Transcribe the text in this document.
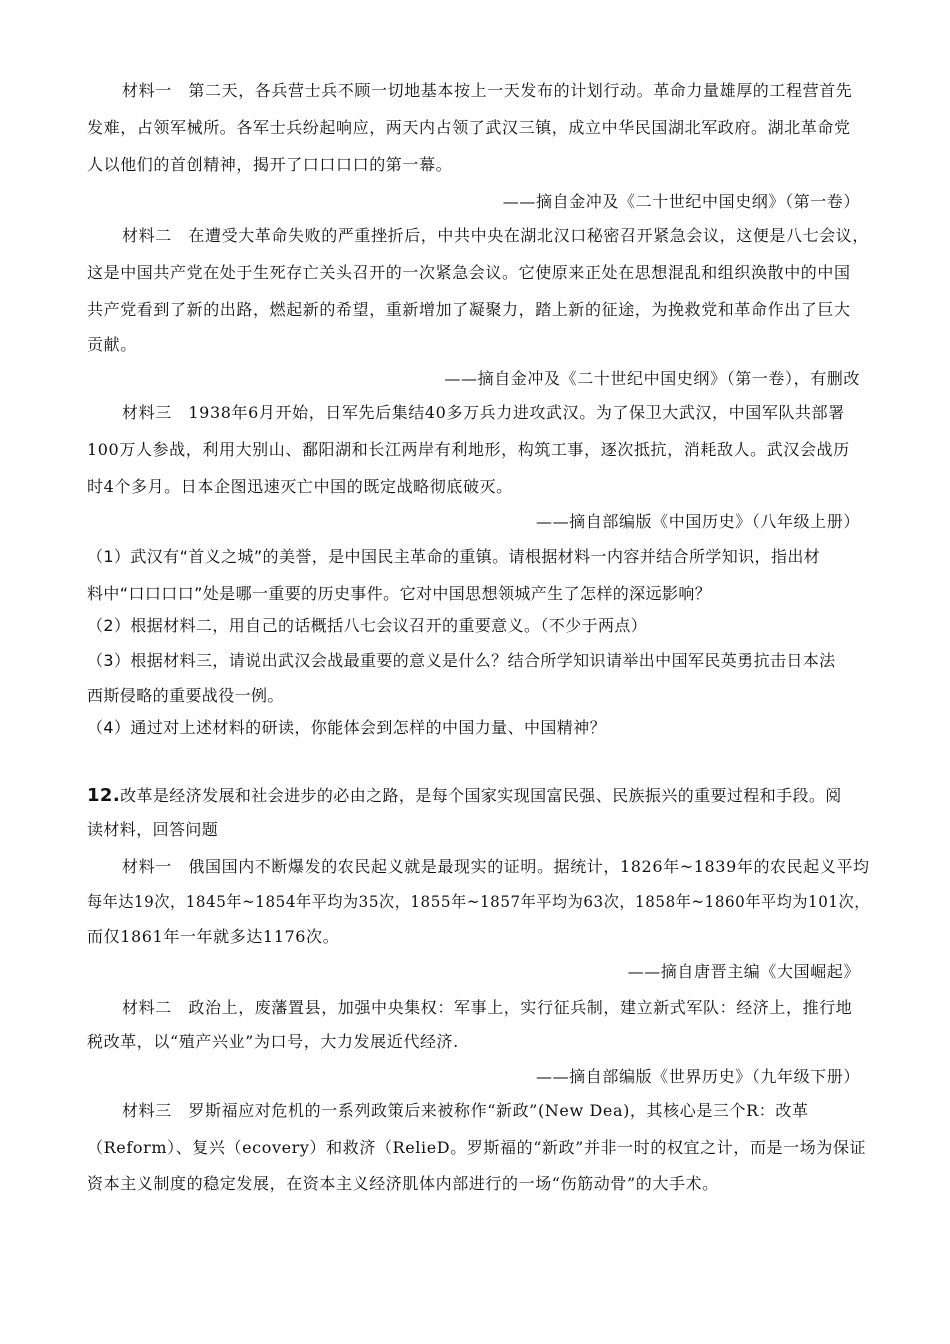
材料一　第二天，各兵营士兵不顾一切地基本按上一天发布的计划行动。革命力量雄厚的工程营首先
发难，占领军械所。各军士兵纷起响应，两天内占领了武汉三镇，成立中华民国湖北军政府。湖北革命党
人以他们的首创精神，揭开了口口口口的第一幕。
——摘自金冲及《二十世纪中国史纲》（第一卷）
材料二　在遭受大革命失败的严重挫折后，中共中央在湖北汉口秘密召开紧急会议，这便是八七会议，
这是中国共产党在处于生死存亡关头召开的一次紧急会议。它使原来正处在思想混乱和组织涣散中的中国
共产党看到了新的出路，燃起新的希望，重新增加了凝聚力，踏上新的征途，为挽救党和革命作出了巨大
贡献。
——摘自金冲及《二十世纪中国史纲》（第一卷），有删改
材料三　1938年6月开始，日军先后集结40多万兵力进攻武汉。为了保卫大武汉，中国军队共部署
100万人参战，利用大别山、鄱阳湖和长江两岸有利地形，构筑工事，逐次抵抗，消耗敌人。武汉会战历
时4个多月。日本企图迅速灭亡中国的既定战略彻底破灭。
——摘自部编版《中国历史》（八年级上册）
（1）武汉有“首义之城”的美誉，是中国民主革命的重镇。请根据材料一内容并结合所学知识，指出材
料中“口口口口”处是哪一重要的历史事件。它对中国思想领城产生了怎样的深远影响？
（2）根据材料二，用自己的话概括八七会议召开的重要意义。（不少于两点）
（3）根据材料三，请说出武汉会战最重要的意义是什么？结合所学知识请举出中国军民英勇抗击日本法
西斯侵略的重要战役一例。
（4）通过对上述材料的研读，你能体会到怎样的中国力量、中国精神？
12.改革是经济发展和社会进步的必由之路，是每个国家实现国富民强、民族振兴的重要过程和手段。阅
读材料，回答问题
材料一　俄国国内不断爆发的农民起义就是最现实的证明。据统计，1826年~1839年的农民起义平均
每年达19次，1845年~1854年平均为35次，1855年~1857年平均为63次，1858年~1860年平均为101次，
而仅1861年一年就多达1176次。
——摘自唐晋主编《大国崛起》
材料二　政治上，废藩置县，加强中央集权：军事上，实行征兵制，建立新式军队：经济上，推行地
税改革，以“殖产兴业”为口号，大力发展近代经济.
——摘自部编版《世界历史》（九年级下册）
材料三　罗斯福应对危机的一系列政策后来被称作“新政”(New Dea)，其核心是三个R：改革
（Reform）、复兴（ecovery）和救济（RelieD。罗斯福的“新政”并非一时的权宜之计，而是一场为保证
资本主义制度的稳定发展，在资本主义经济肌体内部进行的一场“伤筋动骨”的大手术。
